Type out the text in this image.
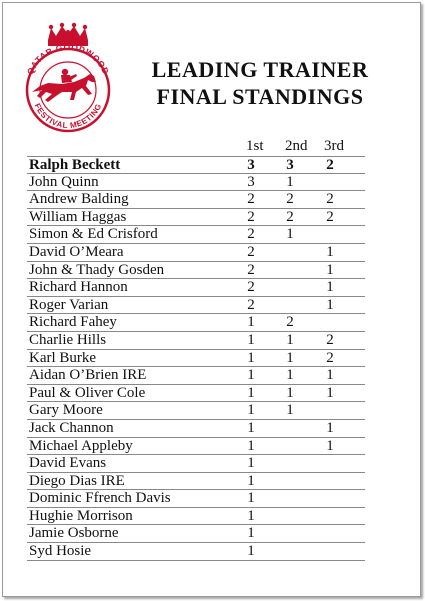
QATAR GOODWOOD
FESTIVAL MEETING
LEADING TRAINER
FINAL STANDINGS
1st 2nd 3rd
Ralph Beckett	3 3 2
John Quinn	3 1
Andrew Balding	2 2 2
William Haggas	2 2 2
Simon & Ed Crisford	2 1
David O’Meara	2	1
John & Thady Gosden	2	1
Richard Hannon	2	1
Roger Varian	2	1
Richard Fahey	1 2
Charlie Hills	1 1 2
Karl Burke	1 1 2
Aidan O’Brien IRE	1 1 1
Paul & Oliver Cole	1 1 1
Gary Moore	1 1
Jack Channon	1	1
Michael Appleby	1	1
David Evans	1
Diego Dias IRE	1
Dominic Ffrench Davis	1
Hughie Morrison	1
Jamie Osborne	1
Syd Hosie	1
